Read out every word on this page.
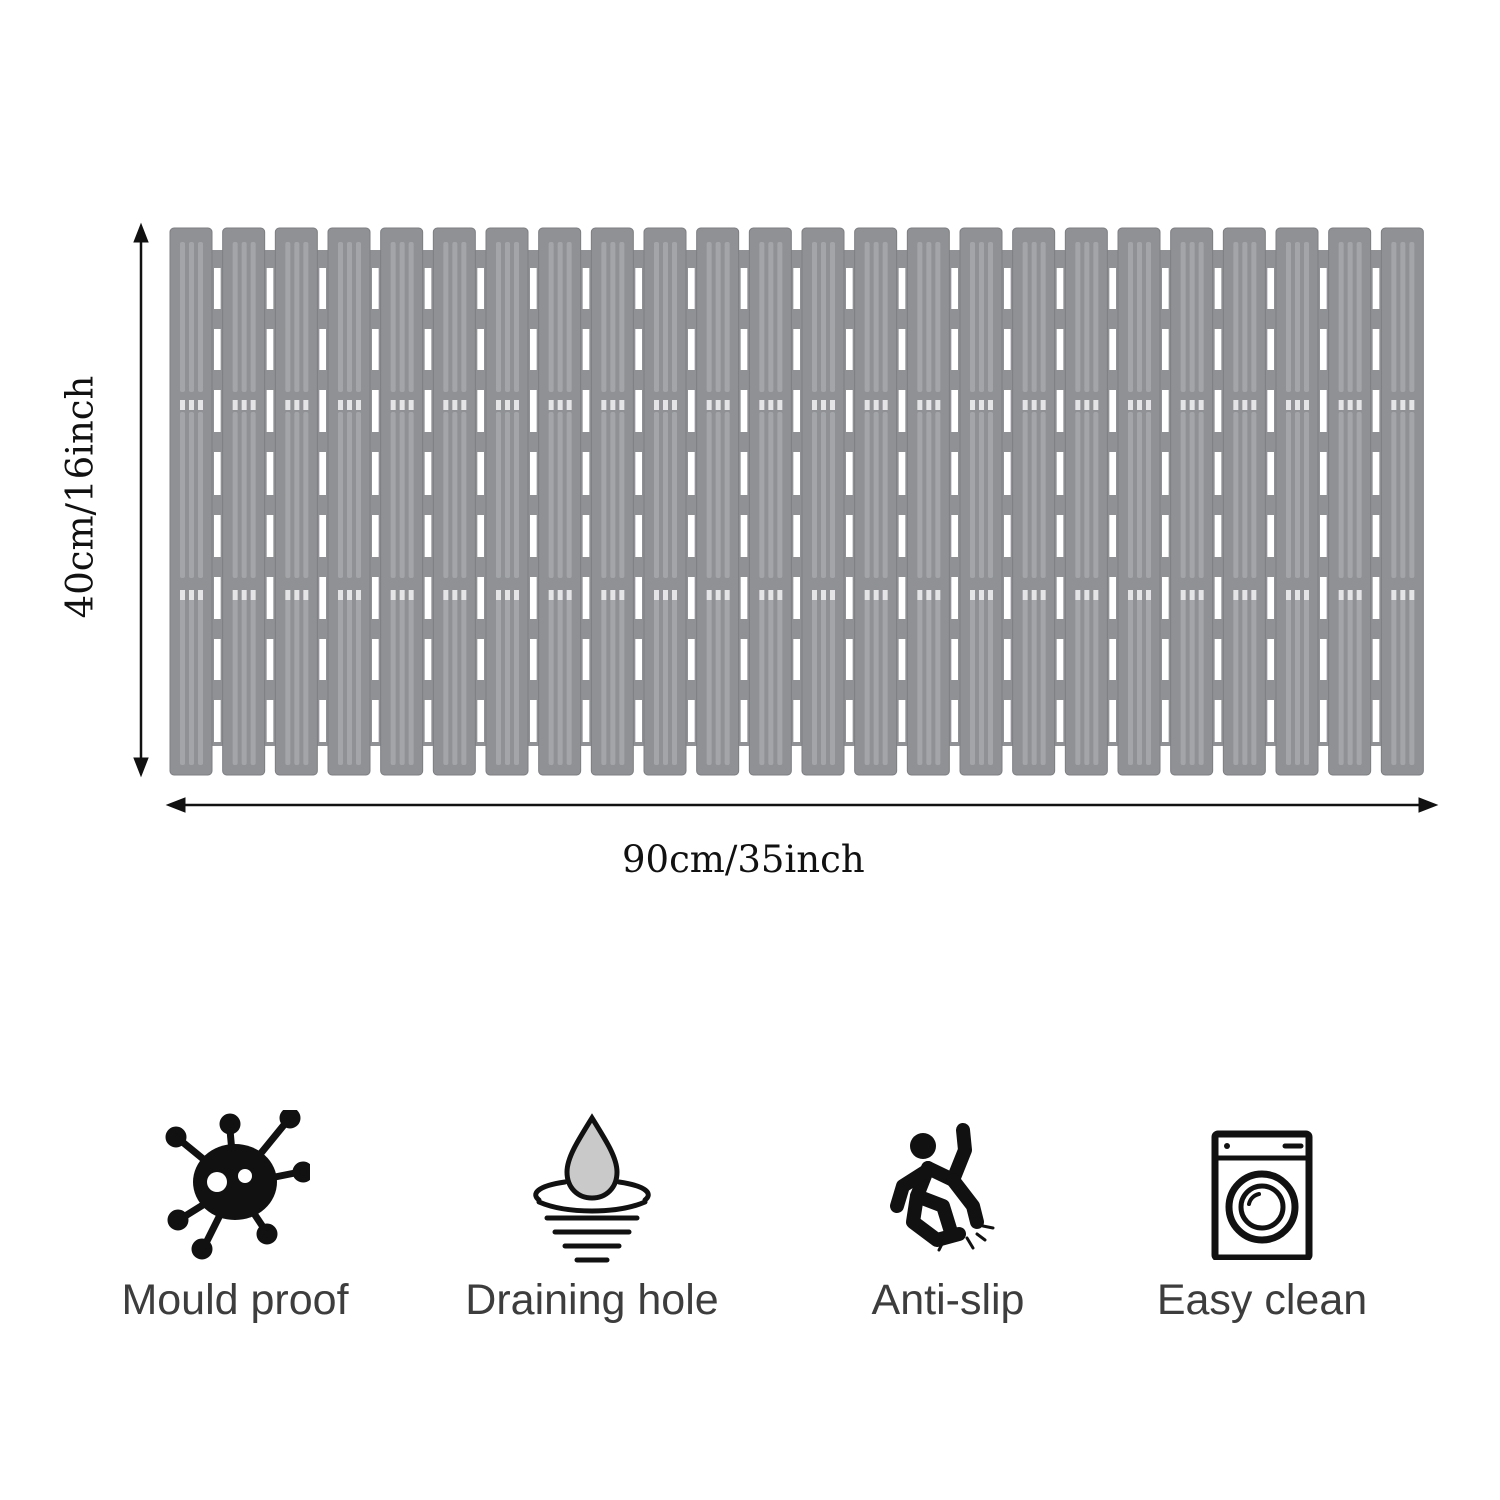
90cm/35inch
40cm/16inch
Mould proof	Draining hole	Anti-slip	Easy clean
